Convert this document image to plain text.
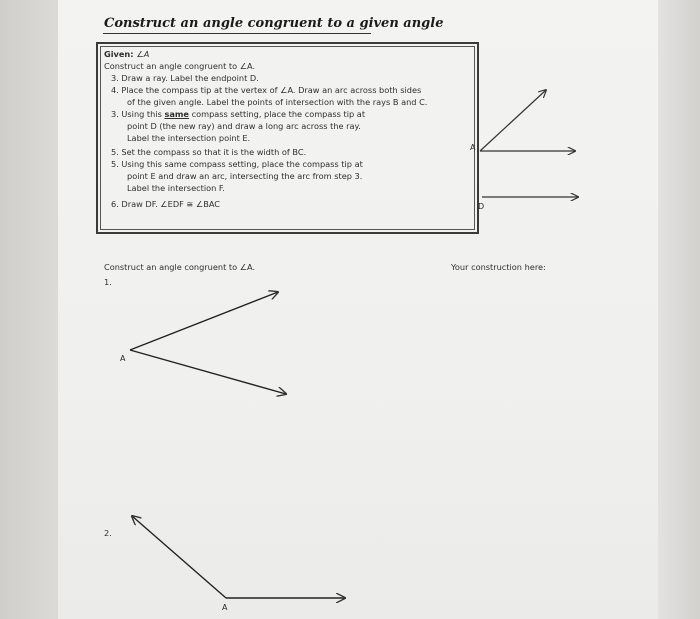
Construct an angle congruent to a given angle
Given: ∠A
Construct an angle congruent to ∠A.
3. Draw a ray. Label the endpoint D.
4. Place the compass tip at the vertex of ∠A. Draw an arc across both sides
of the given angle. Label the points of intersection with the rays B and C.
3. Using this same compass setting, place the compass tip at
point D (the new ray) and draw a long arc across the ray.
Label the intersection point E.
5. Set the compass so that it is the width of BC.
5. Using this same compass setting, place the compass tip at
point E and draw an arc, intersecting the arc from step 3.
Label the intersection F.
6. Draw DF. ∠EDF ≅ ∠BAC
A
D
Construct an angle congruent to ∠A.	Your construction here:
1.
A
2.
A
